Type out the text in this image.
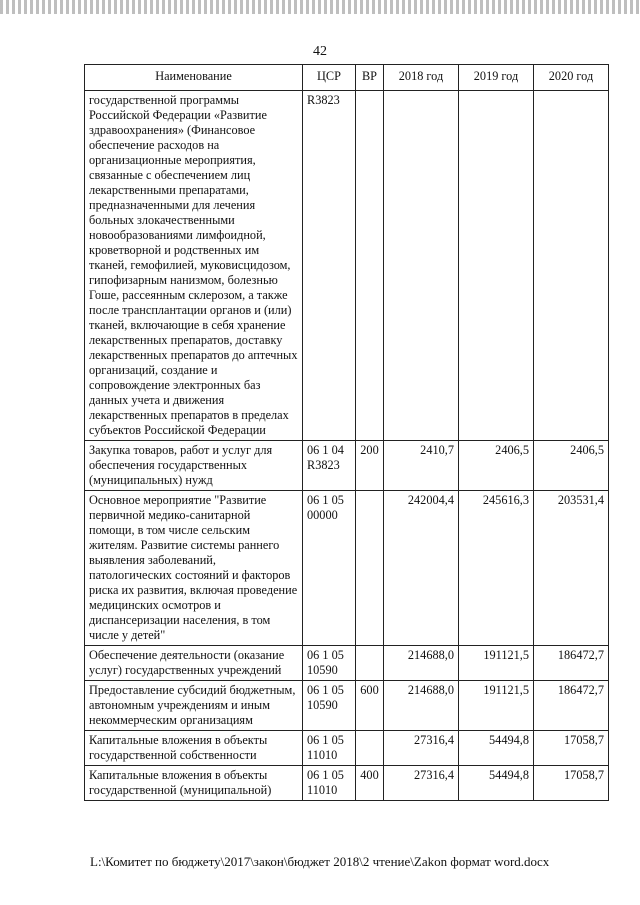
42
Наименование	ЦСР	ВР	2018 год	2019 год	2020 год
государственной программы Российской Федерации «Развитие здравоохранения» (Финансовое обеспечение расходов на организационные мероприятия, связанные с обеспечением лиц лекарственными препаратами, предназначенными для лечения больных злокачественными новообразованиями лимфоидной, кроветворной и родственных им тканей, гемофилией, муковисцидозом, гипофизарным нанизмом, болезнью Гоше, рассеянным склерозом, а также после трансплантации органов и (или) тканей, включающие в себя хранение лекарственных препаратов, доставку лекарственных препаратов до аптечных организаций, создание и сопровождение электронных баз данных учета и движения лекарственных препаратов в пределах субъектов Российской Федерации	R3823				
Закупка товаров, работ и услуг для обеспечения государственных (муниципальных) нужд	06 1 04 R3823	200	2410,7	2406,5	2406,5
Основное мероприятие "Развитие первичной медико-санитарной помощи, в том числе сельским жителям. Развитие системы раннего выявления заболеваний, патологических состояний и факторов риска их развития, включая проведение медицинских осмотров и диспансеризации населения, в том числе у детей"	06 1 05 00000		242004,4	245616,3	203531,4
Обеспечение деятельности (оказание услуг) государственных учреждений	06 1 05 10590		214688,0	191121,5	186472,7
Предоставление субсидий бюджетным, автономным учреждениям и иным некоммерческим организациям	06 1 05 10590	600	214688,0	191121,5	186472,7
Капитальные вложения в объекты государственной собственности	06 1 05 11010		27316,4	54494,8	17058,7
Капитальные вложения в объекты государственной (муниципальной)	06 1 05 11010	400	27316,4	54494,8	17058,7
L:\Комитет по бюджету\2017\закон\бюджет 2018\2 чтение\Zakon формат word.docx
